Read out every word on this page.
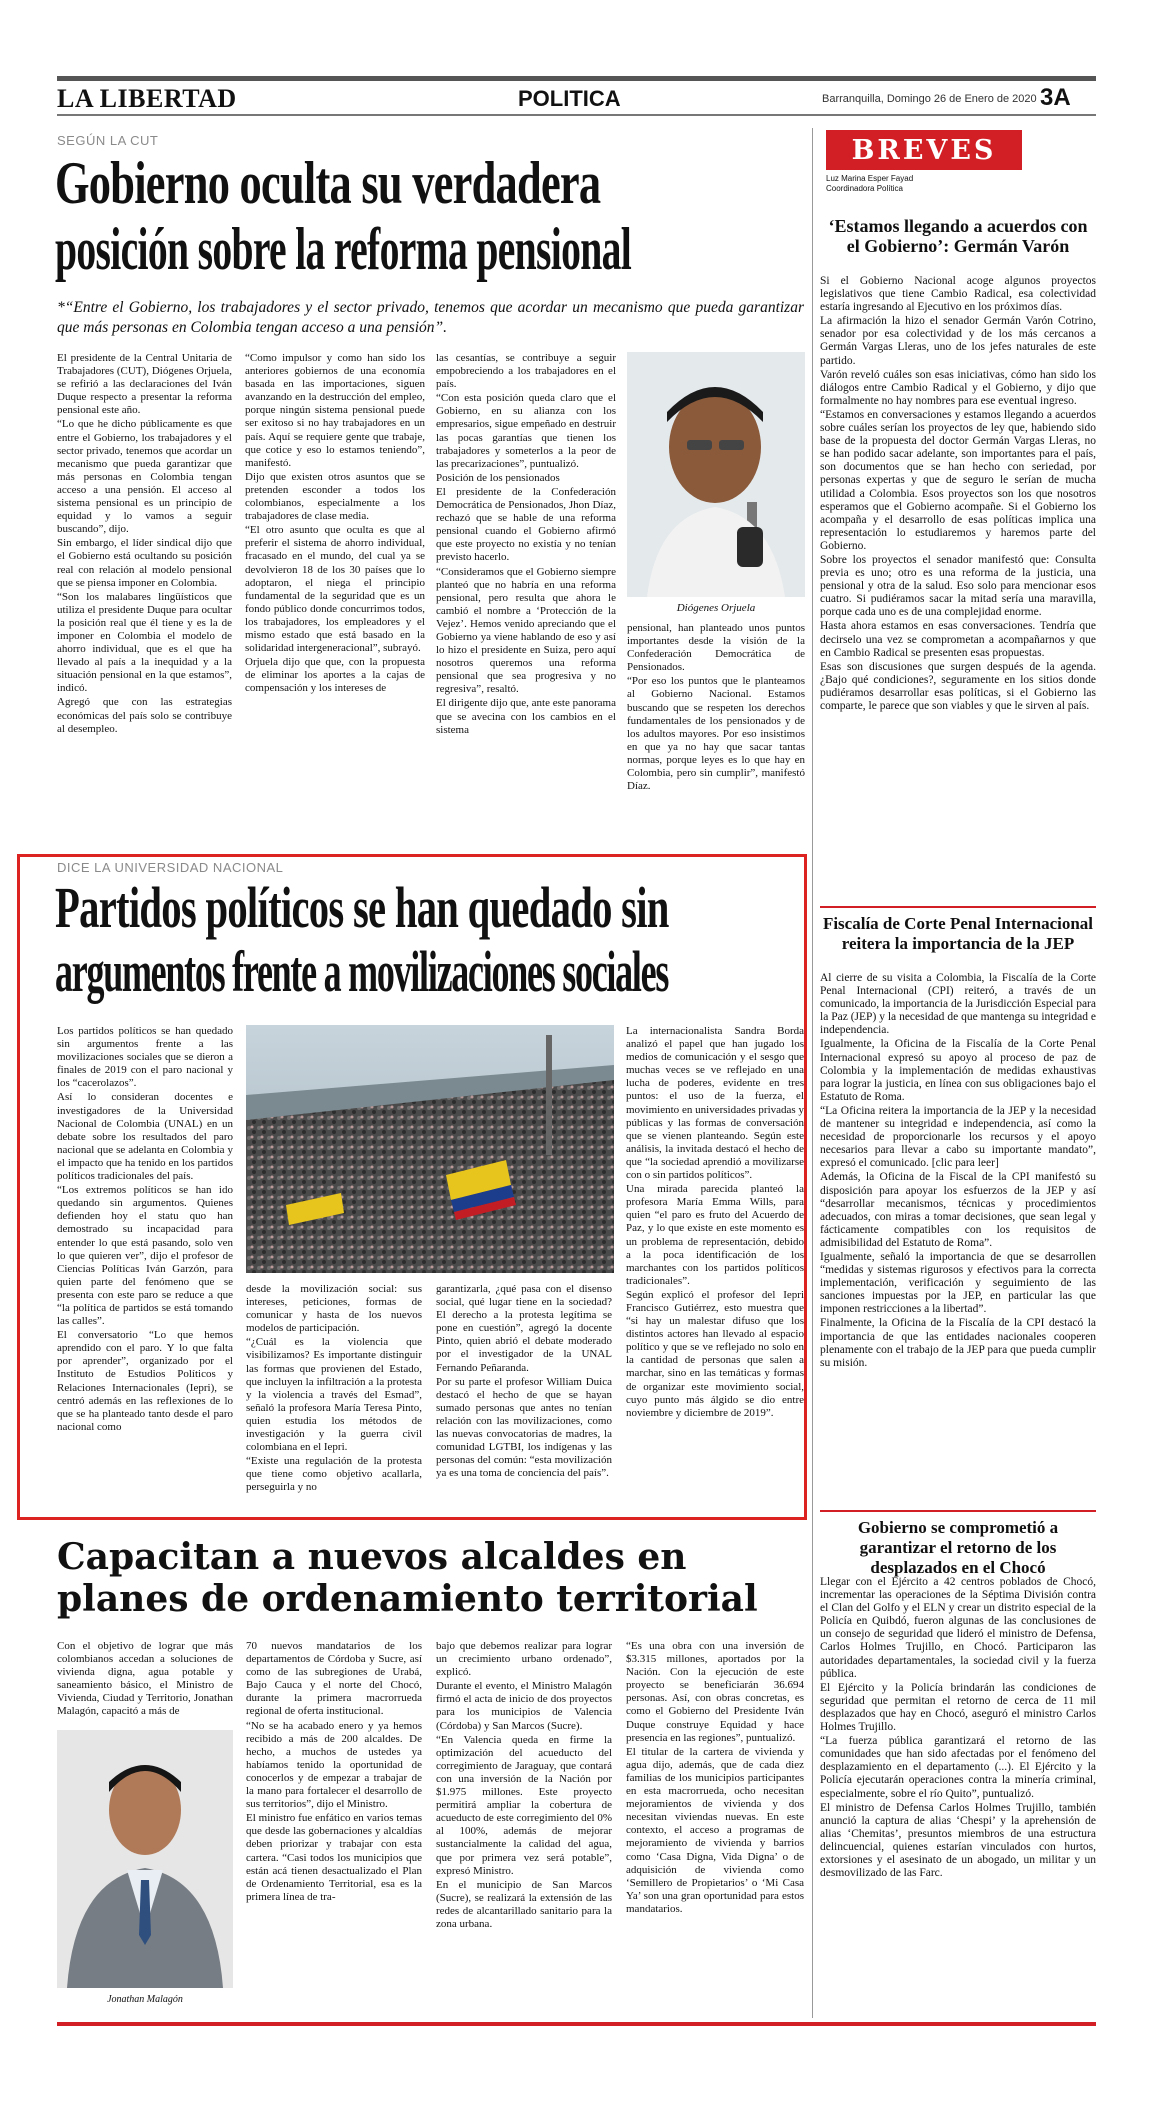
LA LIBERTAD	POLITICA	Barranquilla, Domingo 26 de Enero de 2020 3A
SEGÚN LA CUT
Gobierno oculta su verdadera
posición sobre la reforma pensional
*“Entre el Gobierno, los trabajadores y el sector privado, tenemos que acordar un mecanismo que pueda garantizar que más personas en Colombia tengan acceso a una pensión”.

El presidente de la Central Unitaria de Trabajadores (CUT), Diógenes Orjuela, se refirió a las declaraciones del Iván Duque respecto a presentar la reforma pensional este año.

“Lo que he dicho públicamente es que entre el Gobierno, los trabajadores y el sector privado, tenemos que acordar un mecanismo que pueda garantizar que más personas en Colombia tengan acceso a una pensión. El acceso al sistema pensional es un principio de equidad y lo vamos a seguir buscando”, dijo.

Sin embargo, el líder sindical dijo que el Gobierno está ocultando su posición real con relación al modelo pensional que se piensa imponer en Colombia.

“Son los malabares lingüísticos que utiliza el presidente Duque para ocultar la posición real que él tiene y es la de imponer en Colombia el modelo de ahorro individual, que es el que ha llevado al país a la inequidad y a la situación pensional en la que estamos”, indicó.

Agregó que con las estrategias económicas del país solo se contribuye al desempleo.

“Como impulsor y como han sido los anteriores gobiernos de una economía basada en las importaciones, siguen avanzando en la destrucción del empleo, porque ningún sistema pensional puede ser exitoso si no hay trabajadores en un país. Aquí se requiere gente que trabaje, que cotice y eso lo estamos teniendo”, manifestó.

Dijo que existen otros asuntos que se pretenden esconder a todos los colombianos, especialmente a los trabajadores de clase media.

“El otro asunto que oculta es que al preferir el sistema de ahorro individual, fracasado en el mundo, del cual ya se devolvieron 18 de los 30 países que lo adoptaron, el niega el principio fundamental de la seguridad que es un fondo público donde concurrimos todos, los trabajadores, los empleadores y el mismo estado que está basado en la solidaridad intergeneracional”, subrayó.

Orjuela dijo que que, con la propuesta de eliminar los aportes a la cajas de compensación y los intereses de

las cesantías, se contribuye a seguir empobreciendo a los trabajadores en el país.

“Con esta posición queda claro que el Gobierno, en su alianza con los empresarios, sigue empeñado en destruir las pocas garantías que tienen los trabajadores y someterlos a la peor de las precarizaciones”, puntualizó.

Posición de los pensionados

El presidente de la Confederación Democrática de Pensionados, Jhon Díaz, rechazó que se hable de una reforma pensional cuando el Gobierno afirmó que este proyecto no existía y no tenían previsto hacerlo.

“Consideramos que el Gobierno siempre planteó que no habría en una reforma pensional, pero resulta que ahora le cambió el nombre a ‘Protección de la Vejez’. Hemos venido apreciando que el Gobierno ya viene hablando de eso y así lo hizo el presidente en Suiza, pero aquí nosotros queremos una reforma pensional que sea progresiva y no regresiva”, resaltó.

El dirigente dijo que, ante este panorama que se avecina con los cambios en el sistema

Diógenes Orjuela

pensional, han planteado unos puntos importantes desde la visión de la Confederación Democrática de Pensionados.

“Por eso los puntos que le planteamos al Gobierno Nacional. Estamos buscando que se respeten los derechos fundamentales de los pensionados y de los adultos mayores. Por eso insistimos en que ya no hay que sacar tantas normas, porque leyes es lo que hay en Colombia, pero sin cumplir”, manifestó Díaz.

DICE LA UNIVERSIDAD NACIONAL
Partidos políticos se han quedado sin
argumentos frente a movilizaciones sociales

Los partidos políticos se han quedado sin argumentos frente a las movilizaciones sociales que se dieron a finales de 2019 con el paro nacional y los “cacerolazos”.

Así lo consideran docentes e investigadores de la Universidad Nacional de Colombia (UNAL) en un debate sobre los resultados del paro nacional que se adelanta en Colombia y el impacto que ha tenido en los partidos políticos tradicionales del país.

“Los extremos políticos se han ido quedando sin argumentos. Quienes defienden hoy el statu quo han demostrado su incapacidad para entender lo que está pasando, solo ven lo que quieren ver”, dijo el profesor de Ciencias Políticas Iván Garzón, para quien parte del fenómeno que se presenta con este paro se reduce a que “la política de partidos se está tomando las calles”.

El conversatorio “Lo que hemos aprendido con el paro. Y lo que falta por aprender”, organizado por el Instituto de Estudios Políticos y Relaciones Internacionales (Iepri), se centró además en las reflexiones de lo que se ha planteado tanto desde el paro nacional como

desde la movilización social: sus intereses, peticiones, formas de comunicar y hasta de los nuevos modelos de participación.

“¿Cuál es la violencia que visibilizamos? Es importante distinguir las formas que provienen del Estado, que incluyen la infiltración a la protesta y la violencia a través del Esmad”, señaló la profesora María Teresa Pinto, quien estudia los métodos de investigación y la guerra civil colombiana en el Iepri.

“Existe una regulación de la protesta que tiene como objetivo acallarla, perseguirla y no

garantizarla, ¿qué pasa con el disenso social, qué lugar tiene en la sociedad? El derecho a la protesta legítima se pone en cuestión”, agregó la docente Pinto, quien abrió el debate moderado por el investigador de la UNAL Fernando Peñaranda.

Por su parte el profesor William Duica destacó el hecho de que se hayan sumado personas que antes no tenían relación con las movilizaciones, como las nuevas convocatorias de madres, la comunidad LGTBI, los indígenas y las personas del común: “esta movilización ya es una toma de conciencia del país”.

La internacionalista Sandra Borda analizó el papel que han jugado los medios de comunicación y el sesgo que muchas veces se ve reflejado en una lucha de poderes, evidente en tres puntos: el uso de la fuerza, el movimiento en universidades privadas y públicas y las formas de conversación que se vienen planteando. Según este análisis, la invitada destacó el hecho de que “la sociedad aprendió a movilizarse con o sin partidos políticos”.

Una mirada parecida planteó la profesora María Emma Wills, para quien “el paro es fruto del Acuerdo de Paz, y lo que existe en este momento es un problema de representación, debido a la poca identificación de los marchantes con los partidos políticos tradicionales”.

Según explicó el profesor del Iepri Francisco Gutiérrez, esto muestra que “si hay un malestar difuso que los distintos actores han llevado al espacio político y que se ve reflejado no solo en la cantidad de personas que salen a marchar, sino en las temáticas y formas de organizar este movimiento social, cuyo punto más álgido se dio entre noviembre y diciembre de 2019”.

Capacitan a nuevos alcaldes en
planes de ordenamiento territorial

Con el objetivo de lograr que más colombianos accedan a soluciones de vivienda digna, agua potable y saneamiento básico, el Ministro de Vivienda, Ciudad y Territorio, Jonathan Malagón, capacitó a más de

Jonathan Malagón

70 nuevos mandatarios de los departamentos de Córdoba y Sucre, así como de las subregiones de Urabá, Bajo Cauca y el norte del Chocó, durante la primera macrorrueda regional de oferta institucional.

“No se ha acabado enero y ya hemos recibido a más de 200 alcaldes. De hecho, a muchos de ustedes ya habíamos tenido la oportunidad de conocerlos y de empezar a trabajar de la mano para fortalecer el desarrollo de sus territorios”, dijo el Ministro.

El ministro fue enfático en varios temas que desde las gobernaciones y alcaldías deben priorizar y trabajar con esta cartera. “Casi todos los municipios que están acá tienen desactualizado el Plan de Ordenamiento Territorial, esa es la primera línea de tra-

bajo que debemos realizar para lograr un crecimiento urbano ordenado”, explicó.

Durante el evento, el Ministro Malagón firmó el acta de inicio de dos proyectos para los municipios de Valencia (Córdoba) y San Marcos (Sucre).

“En Valencia queda en firme la optimización del acueducto del corregimiento de Jaraguay, que contará con una inversión de la Nación por $1.975 millones. Este proyecto permitirá ampliar la cobertura de acueducto de este corregimiento del 0% al 100%, además de mejorar sustancialmente la calidad del agua, que por primera vez será potable”, expresó Ministro.

En el municipio de San Marcos (Sucre), se realizará la extensión de las redes de alcantarillado sanitario para la zona urbana.

“Es una obra con una inversión de $3.315 millones, aportados por la Nación. Con la ejecución de este proyecto se beneficiarán 36.694 personas. Así, con obras concretas, es como el Gobierno del Presidente Iván Duque construye Equidad y hace presencia en las regiones”, puntualizó.

El titular de la cartera de vivienda y agua dijo, además, que de cada diez familias de los municipios participantes en esta macrorrueda, ocho necesitan mejoramientos de vivienda y dos necesitan viviendas nuevas. En este contexto, el acceso a programas de mejoramiento de vivienda y barrios como ‘Casa Digna, Vida Digna’ o de adquisición de vivienda como ‘Semillero de Propietarios’ o ‘Mi Casa Ya’ son una gran oportunidad para estos mandatarios.

BREVES
Luz Marina Esper Fayad
Coordinadora Política
‘Estamos llegando a acuerdos con el Gobierno’: Germán Varón

Si el Gobierno Nacional acoge algunos proyectos legislativos que tiene Cambio Radical, esa colectividad estaría ingresando al Ejecutivo en los próximos días.

La afirmación la hizo el senador Germán Varón Cotrino, senador por esa colectividad y de los más cercanos a Germán Vargas Lleras, uno de los jefes naturales de este partido.

Varón reveló cuáles son esas iniciativas, cómo han sido los diálogos entre Cambio Radical y el Gobierno, y dijo que formalmente no hay nombres para ese eventual ingreso.

“Estamos en conversaciones y estamos llegando a acuerdos sobre cuáles serían los proyectos de ley que, habiendo sido base de la propuesta del doctor Germán Vargas Lleras, no se han podido sacar adelante, son importantes para el país, son documentos que se han hecho con seriedad, por personas expertas y que de seguro le serían de mucha utilidad a Colombia. Esos proyectos son los que nosotros esperamos que el Gobierno acompañe. Si el Gobierno los acompaña y el desarrollo de esas políticas implica una representación lo estudiaremos y haremos parte del Gobierno.

Sobre los proyectos el senador manifestó que: Consulta previa es uno; otro es una reforma de la justicia, una pensional y otra de la salud. Eso solo para mencionar esos cuatro. Si pudiéramos sacar la mitad sería una maravilla, porque cada uno es de una complejidad enorme.

Hasta ahora estamos en esas conversaciones. Tendría que decirselo una vez se comprometan a acompañarnos y que en Cambio Radical se presenten esas propuestas.

Esas son discusiones que surgen después de la agenda. ¿Bajo qué condiciones?, seguramente en los sitios donde pudiéramos desarrollar esas políticas, si el Gobierno las comparte, le parece que son viables y que le sirven al país.

Fiscalía de Corte Penal Internacional reitera la importancia de la JEP

Al cierre de su visita a Colombia, la Fiscalía de la Corte Penal Internacional (CPI) reiteró, a través de un comunicado, la importancia de la Jurisdicción Especial para la Paz (JEP) y la necesidad de que mantenga su integridad e independencia.

Igualmente, la Oficina de la Fiscalía de la Corte Penal Internacional expresó su apoyo al proceso de paz de Colombia y la implementación de medidas exhaustivas para lograr la justicia, en línea con sus obligaciones bajo el Estatuto de Roma.

“La Oficina reitera la importancia de la JEP y la necesidad de mantener su integridad e independencia, así como la necesidad de proporcionarle los recursos y el apoyo necesarios para llevar a cabo su importante mandato”, expresó el comunicado. [clic para leer]

Además, la Oficina de la Fiscal de la CPI manifestó su disposición para apoyar los esfuerzos de la JEP y así “desarrollar mecanismos, técnicas y procedimientos adecuados, con miras a tomar decisiones, que sean legal y fácticamente compatibles con los requisitos de admisibilidad del Estatuto de Roma”.

Igualmente, señaló la importancia de que se desarrollen “medidas y sistemas rigurosos y efectivos para la correcta implementación, verificación y seguimiento de las sanciones impuestas por la JEP, en particular las que imponen restricciones a la libertad”.

Finalmente, la Oficina de la Fiscalía de la CPI destacó la importancia de que las entidades nacionales cooperen plenamente con el trabajo de la JEP para que pueda cumplir su misión.

Gobierno se comprometió a garantizar el retorno de los desplazados en el Chocó

Llegar con el Ejército a 42 centros poblados de Chocó, incrementar las operaciones de la Séptima División contra el Clan del Golfo y el ELN y crear un distrito especial de la Policía en Quibdó, fueron algunas de las conclusiones de un consejo de seguridad que lideró el ministro de Defensa, Carlos Holmes Trujillo, en Chocó. Participaron las autoridades departamentales, la sociedad civil y la fuerza pública.

El Ejército y la Policía brindarán las condiciones de seguridad que permitan el retorno de cerca de 11 mil desplazados que hay en Chocó, aseguró el ministro Carlos Holmes Trujillo.

“La fuerza pública garantizará el retorno de las comunidades que han sido afectadas por el fenómeno del desplazamiento en el departamento (...). El Ejército y la Policía ejecutarán operaciones contra la minería criminal, especialmente, sobre el río Quito”, puntualizó.

El ministro de Defensa Carlos Holmes Trujillo, también anunció la captura de alias ‘Chespi’ y la aprehensión de alias ‘Chemitas’, presuntos miembros de una estructura delincuencial, quienes estarían vinculados con hurtos, extorsiones y el asesinato de un abogado, un militar y un desmovilizado de las Farc.
